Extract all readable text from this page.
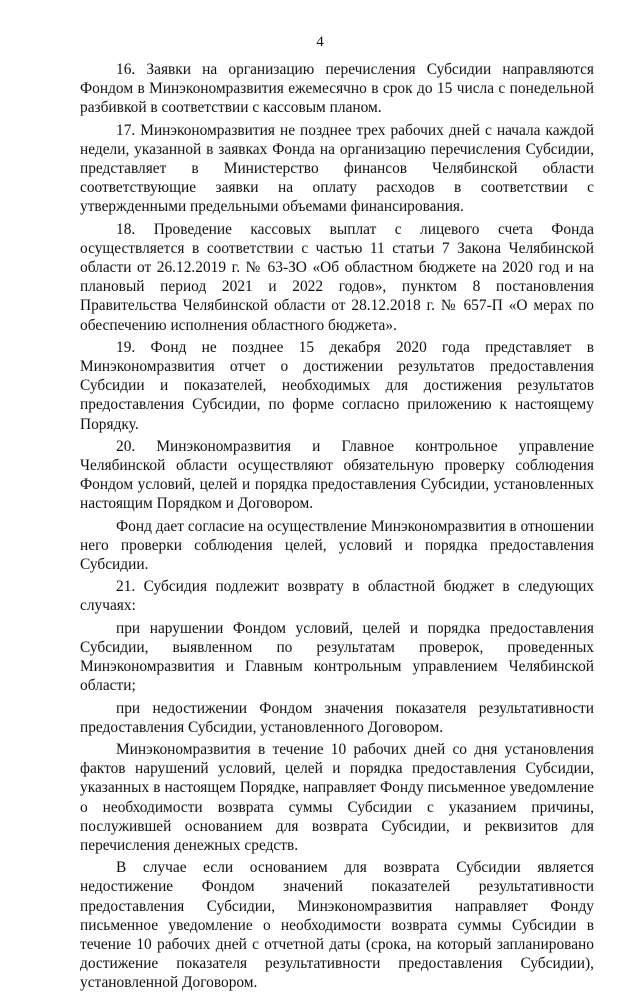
4

16. Заявки на организацию перечисления Субсидии направляются Фондом в Минэкономразвития ежемесячно в срок до 15 числа с понедельной разбивкой в соответствии с кассовым планом.

17. Минэкономразвития не позднее трех рабочих дней с начала каждой недели, указанной в заявках Фонда на организацию перечисления Субсидии, представляет в Министерство финансов Челябинской области соответствующие заявки на оплату расходов в соответствии с утвержденными предельными объемами финансирования.

18. Проведение кассовых выплат с лицевого счета Фонда осуществляется в соответствии с частью 11 статьи 7 Закона Челябинской области от 26.12.2019 г. № 63-ЗО «Об областном бюджете на 2020 год и на плановый период 2021 и 2022 годов», пунктом 8 постановления Правительства Челябинской области от 28.12.2018 г. № 657-П «О мерах по обеспечению исполнения областного бюджета».

19. Фонд не позднее 15 декабря 2020 года представляет в Минэкономразвития отчет о достижении результатов предоставления Субсидии и показателей, необходимых для достижения результатов предоставления Субсидии, по форме согласно приложению к настоящему Порядку.

20. Минэкономразвития и Главное контрольное управление Челябинской области осуществляют обязательную проверку соблюдения Фондом условий, целей и порядка предоставления Субсидии, установленных настоящим Порядком и Договором.

Фонд дает согласие на осуществление Минэкономразвития в отношении него проверки соблюдения целей, условий и порядка предоставления Субсидии.

21. Субсидия подлежит возврату в областной бюджет в следующих случаях:

при нарушении Фондом условий, целей и порядка предоставления Субсидии, выявленном по результатам проверок, проведенных Минэкономразвития и Главным контрольным управлением Челябинской области;

при недостижении Фондом значения показателя результативности предоставления Субсидии, установленного Договором.

Минэкономразвития в течение 10 рабочих дней со дня установления фактов нарушений условий, целей и порядка предоставления Субсидии, указанных в настоящем Порядке, направляет Фонду письменное уведомление о необходимости возврата суммы Субсидии с указанием причины, послужившей основанием для возврата Субсидии, и реквизитов для перечисления денежных средств.

В случае если основанием для возврата Субсидии является недостижение Фондом значений показателей результативности предоставления Субсидии, Минэкономразвития направляет Фонду письменное уведомление о необходимости возврата суммы Субсидии в течение 10 рабочих дней с отчетной даты (срока, на который запланировано достижение показателя результативности предоставления Субсидии), установленной Договором.
